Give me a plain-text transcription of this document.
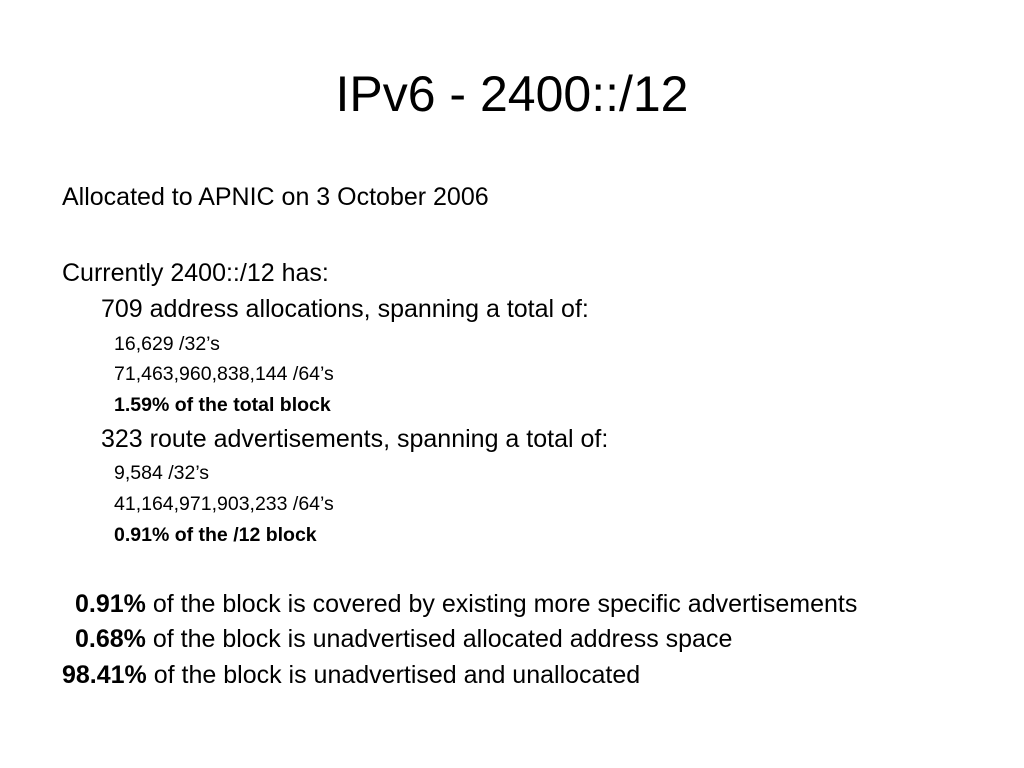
IPv6 - 2400::/12
Allocated to APNIC on 3 October 2006
Currently 2400::/12 has:
709 address allocations, spanning a total of:
16,629 /32’s
71,463,960,838,144 /64’s
1.59% of the total block
323 route advertisements, spanning a total of:
9,584 /32’s
41,164,971,903,233 /64’s
0.91% of the /12 block
0.91% of the block is covered by existing more specific advertisements
0.68% of the block is unadvertised allocated address space
98.41% of the block is unadvertised and unallocated
